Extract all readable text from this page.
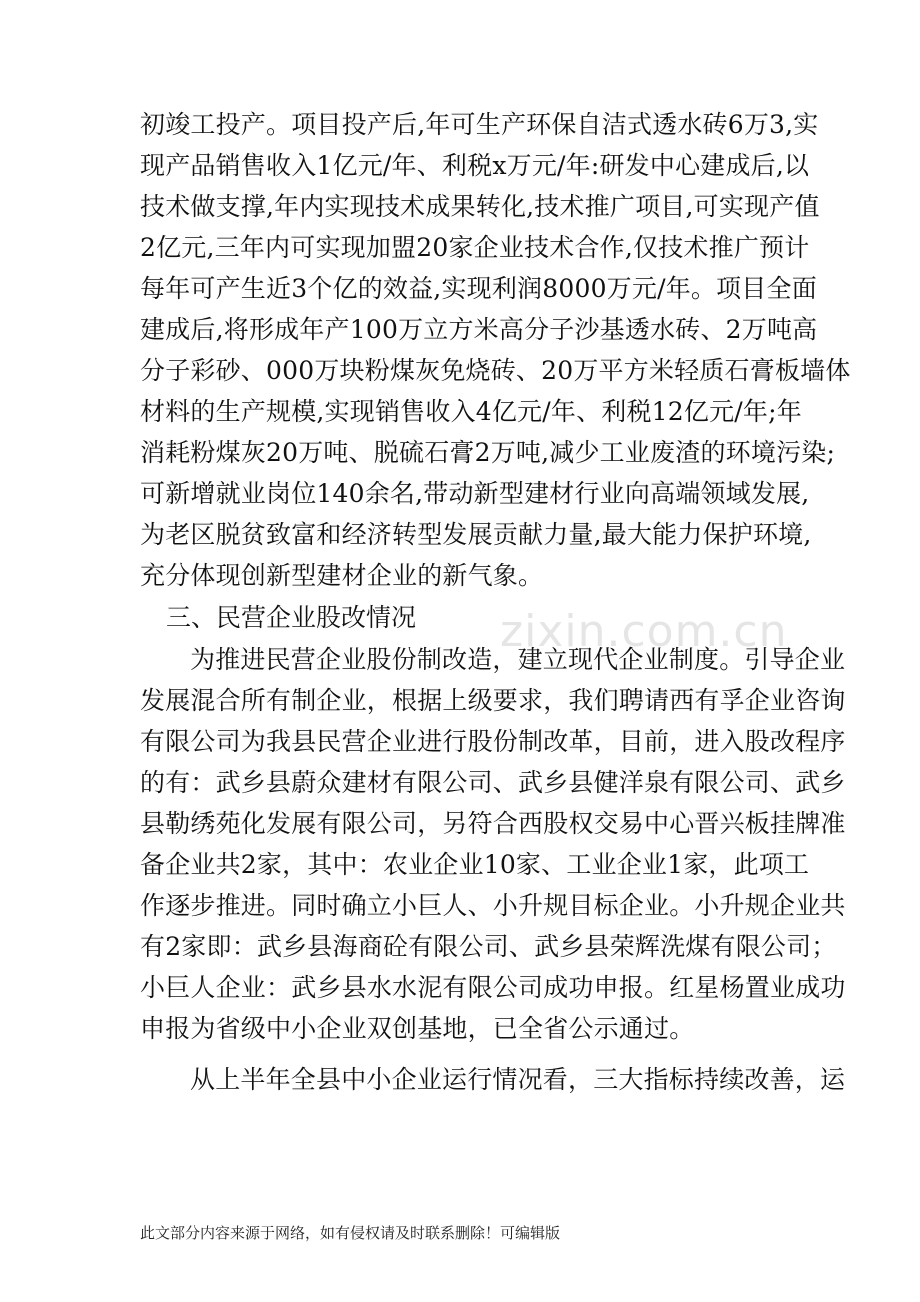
初竣工投产。项目投产后,年可生产环保自洁式透水砖6万3,实
现产品销售收入1亿元/年、利税x万元/年:研发中心建成后,以
技术做支撑,年内实现技术成果转化,技术推广项目,可实现产值
2亿元,三年内可实现加盟20家企业技术合作,仅技术推广预计
每年可产生近3个亿的效益,实现利润8000万元/年。项目全面
建成后,将形成年产100万立方米高分子沙基透水砖、2万吨高
分子彩砂、000万块粉煤灰免烧砖、20万平方米轻质石膏板墙体
材料的生产规模,实现销售收入4亿元/年、利税12亿元/年;年
消耗粉煤灰20万吨、脱硫石膏2万吨,减少工业废渣的环境污染;
可新增就业岗位140余名,带动新型建材行业向高端领域发展,
为老区脱贫致富和经济转型发展贡献力量,最大能力保护环境,
充分体现创新型建材企业的新气象。
三、民营企业股改情况
为推进民营企业股份制改造，建立现代企业制度。引导企业
发展混合所有制企业，根据上级要求，我们聘请西有孚企业咨询
有限公司为我县民营企业进行股份制改革，目前，进入股改程序
的有：武乡县蔚众建材有限公司、武乡县健洋泉有限公司、武乡
县勒绣苑化发展有限公司，另符合西股权交易中心晋兴板挂牌准
备企业共2家，其中：农业企业10家、工业企业1家，此项工
作逐步推进。同时确立小巨人、小升规目标企业。小升规企业共
有2家即：武乡县海商砼有限公司、武乡县荣辉洗煤有限公司；
小巨人企业：武乡县水水泥有限公司成功申报。红星杨置业成功
申报为省级中小企业双创基地，已全省公示通过。
从上半年全县中小企业运行情况看，三大指标持续改善，运
zixin.com.cn
此文部分内容来源于网络，如有侵权请及时联系删除！可编辑版
